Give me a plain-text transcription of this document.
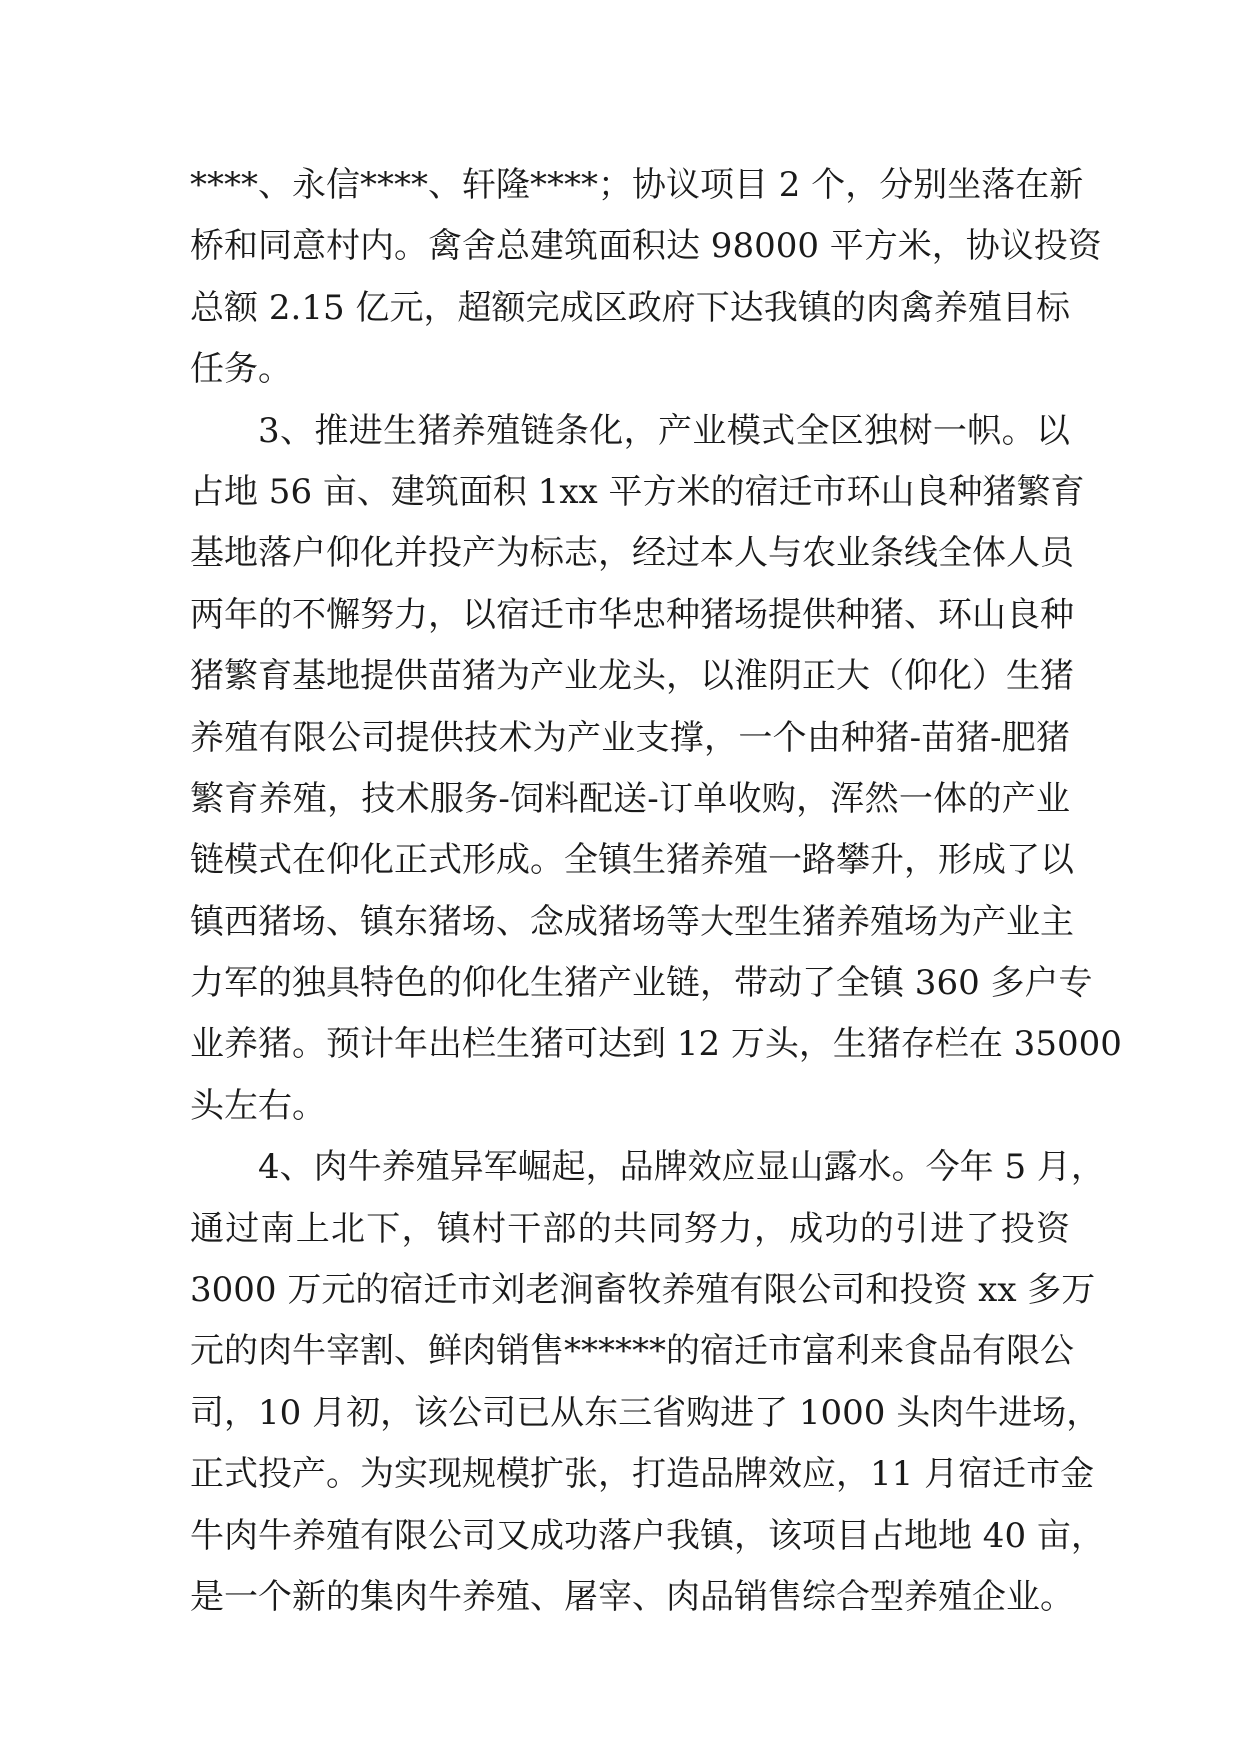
****、永信****、轩隆****；协议项目 2 个，分别坐落在新
桥和同意村内。禽舍总建筑面积达 98000 平方米，协议投资
总额 2.15 亿元，超额完成区政府下达我镇的肉禽养殖目标
任务。
3、推进生猪养殖链条化，产业模式全区独树一帜。以
占地 56 亩、建筑面积 1xx 平方米的宿迁市环山良种猪繁育
基地落户仰化并投产为标志，经过本人与农业条线全体人员
两年的不懈努力，以宿迁市华忠种猪场提供种猪、环山良种
猪繁育基地提供苗猪为产业龙头，以淮阴正大（仰化）生猪
养殖有限公司提供技术为产业支撑，一个由种猪-苗猪-肥猪
繁育养殖，技术服务-饲料配送-订单收购，浑然一体的产业
链模式在仰化正式形成。全镇生猪养殖一路攀升，形成了以
镇西猪场、镇东猪场、念成猪场等大型生猪养殖场为产业主
力军的独具特色的仰化生猪产业链，带动了全镇 360 多户专
业养猪。预计年出栏生猪可达到 12 万头，生猪存栏在 35000
头左右。
4、肉牛养殖异军崛起，品牌效应显山露水。今年 5 月，
通过南上北下，镇村干部的共同努力，成功的引进了投资
3000 万元的宿迁市刘老涧畜牧养殖有限公司和投资 xx 多万
元的肉牛宰割、鲜肉销售******的宿迁市富利来食品有限公
司，10 月初，该公司已从东三省购进了 1000 头肉牛进场，
正式投产。为实现规模扩张，打造品牌效应，11 月宿迁市金
牛肉牛养殖有限公司又成功落户我镇，该项目占地地 40 亩，
是一个新的集肉牛养殖、屠宰、肉品销售综合型养殖企业。
